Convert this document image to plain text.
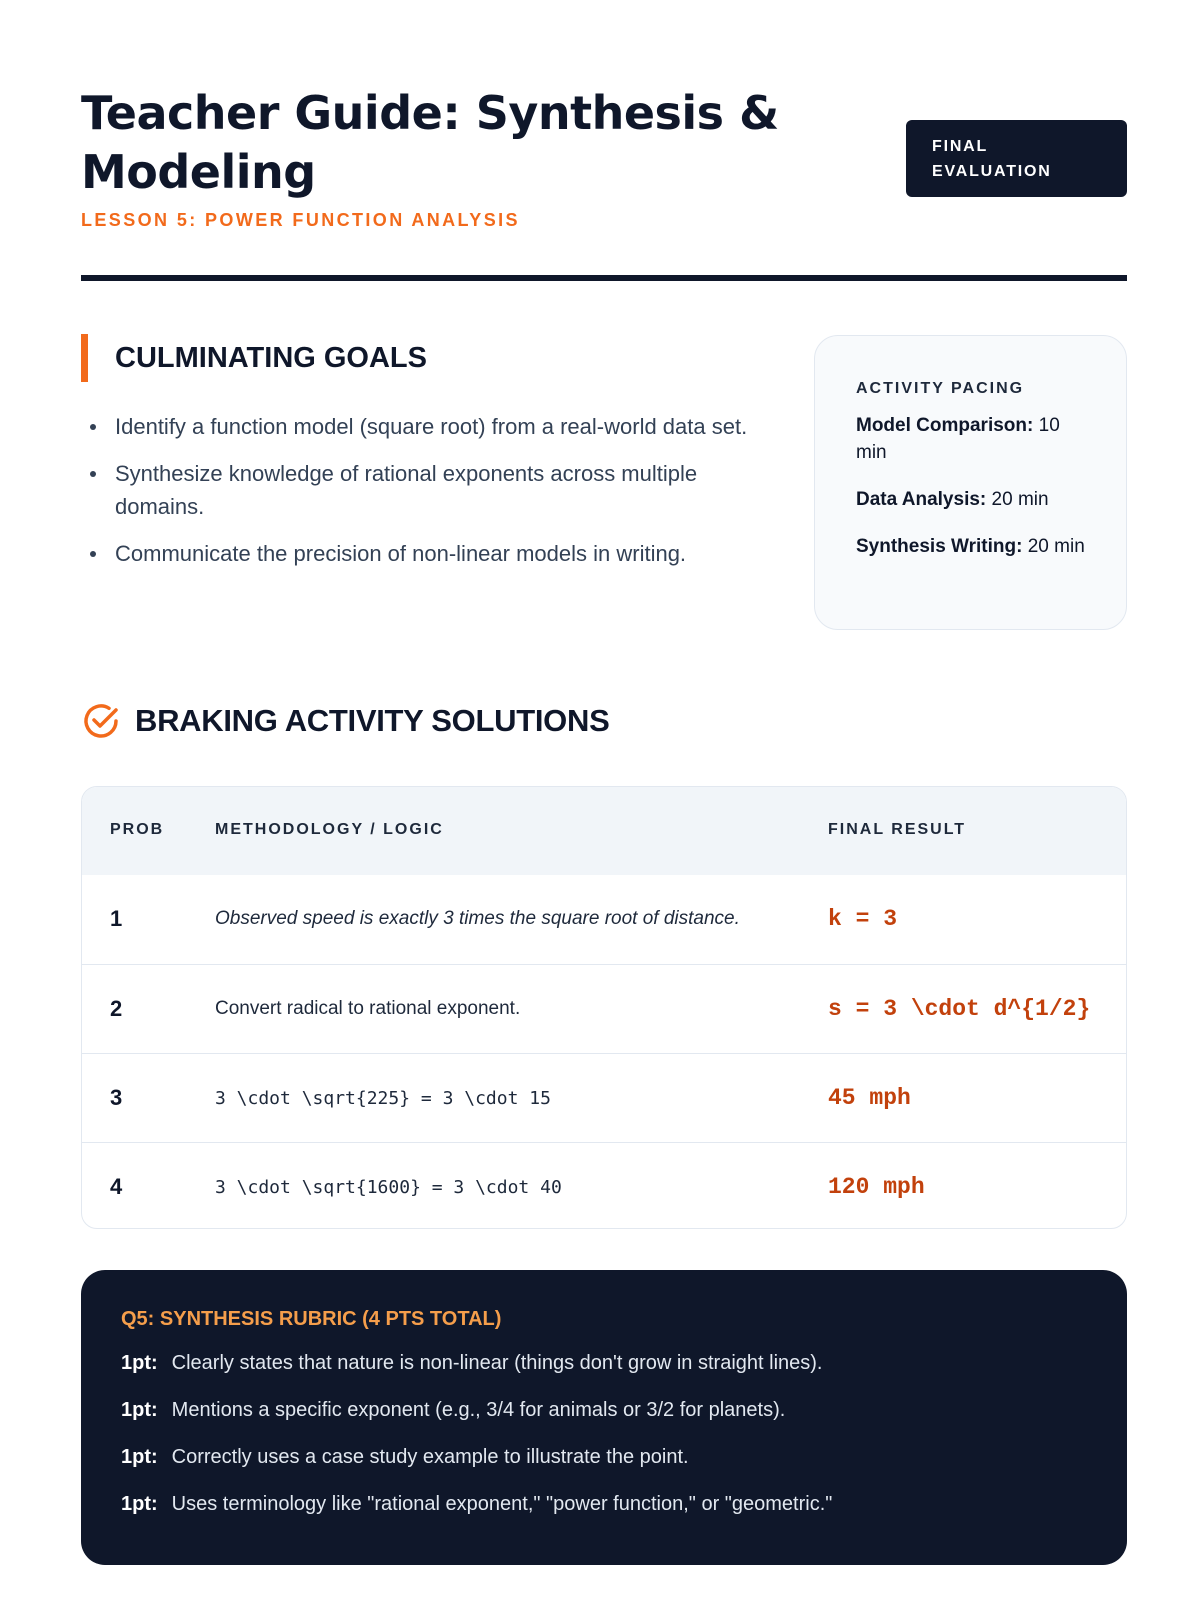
Teacher Guide: Synthesis & Modeling
LESSON 5: POWER FUNCTION ANALYSIS
FINAL EVALUATION
CULMINATING GOALS
Identify a function model (square root) from a real-world data set.
Synthesize knowledge of rational exponents across multiple domains.
Communicate the precision of non-linear models in writing.
ACTIVITY PACING
Model Comparison: 10 min
Data Analysis: 20 min
Synthesis Writing: 20 min
BRAKING ACTIVITY SOLUTIONS
PROB	METHODOLOGY / LOGIC	FINAL RESULT
1	Observed speed is exactly 3 times the square root of distance.	k = 3
2	Convert radical to rational exponent.	s = 3 \cdot d^{1/2}
3	3 \cdot \sqrt{225} = 3 \cdot 15	45 mph
4	3 \cdot \sqrt{1600} = 3 \cdot 40	120 mph
Q5: SYNTHESIS RUBRIC (4 PTS TOTAL)
1pt: Clearly states that nature is non-linear (things don't grow in straight lines).
1pt: Mentions a specific exponent (e.g., 3/4 for animals or 3/2 for planets).
1pt: Correctly uses a case study example to illustrate the point.
1pt: Uses terminology like "rational exponent," "power function," or "geometric."
